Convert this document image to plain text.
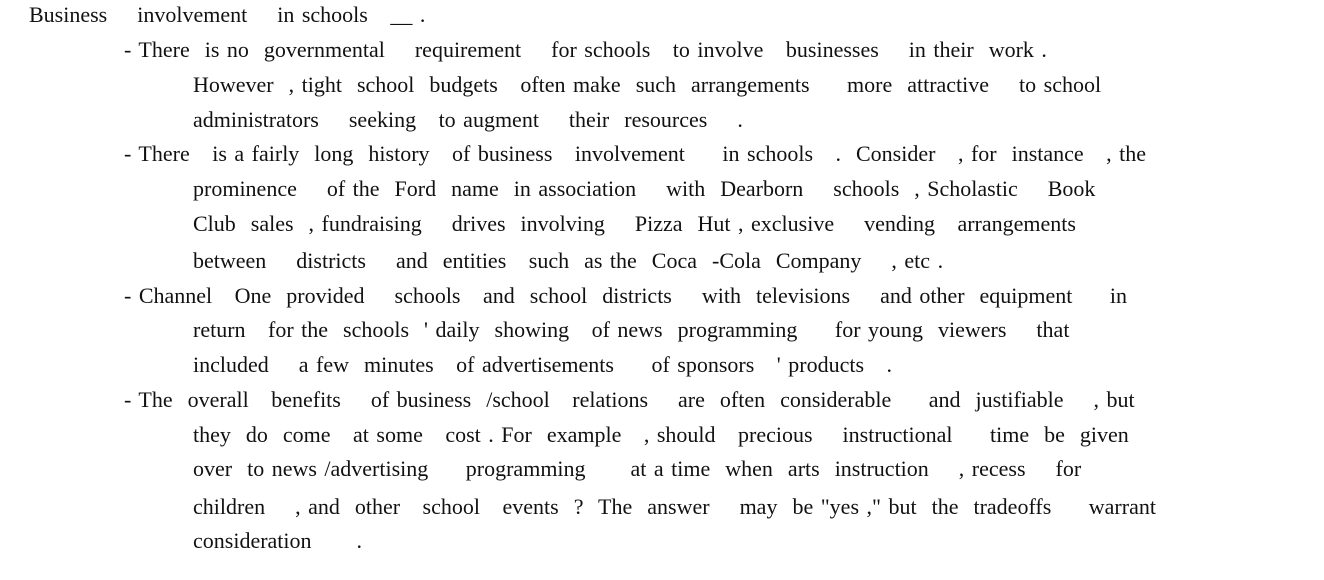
Business    involvement    in schools   __ .
- There  is no  governmental    requirement    for schools   to involve   businesses    in their  work .
However  , tight  school  budgets   often make  such  arrangements     more  attractive    to school
administrators    seeking   to augment    their  resources    .
- There   is a fairly  long  history   of business   involvement     in schools   .  Consider   , for  instance   , the
prominence    of the  Ford  name  in association    with  Dearborn    schools  , Scholastic    Book
Club  sales  , fundraising    drives  involving    Pizza  Hut , exclusive    vending   arrangements
between    districts    and  entities   such  as the  Coca  -Cola  Company    , etc .
- Channel   One  provided    schools   and  school  districts    with  televisions    and other  equipment     in
return   for the  schools  ' daily  showing   of news  programming     for young  viewers    that
included    a few  minutes   of advertisements     of sponsors   ' products   .
- The  overall   benefits    of business  /school   relations    are  often  considerable     and  justifiable    , but
they  do  come   at some   cost . For  example   , should   precious    instructional     time  be  given
over  to news /advertising     programming      at a time  when  arts  instruction    , recess    for
children    , and  other   school   events  ?  The  answer    may  be "yes ," but  the  tradeoffs     warrant
consideration      .
